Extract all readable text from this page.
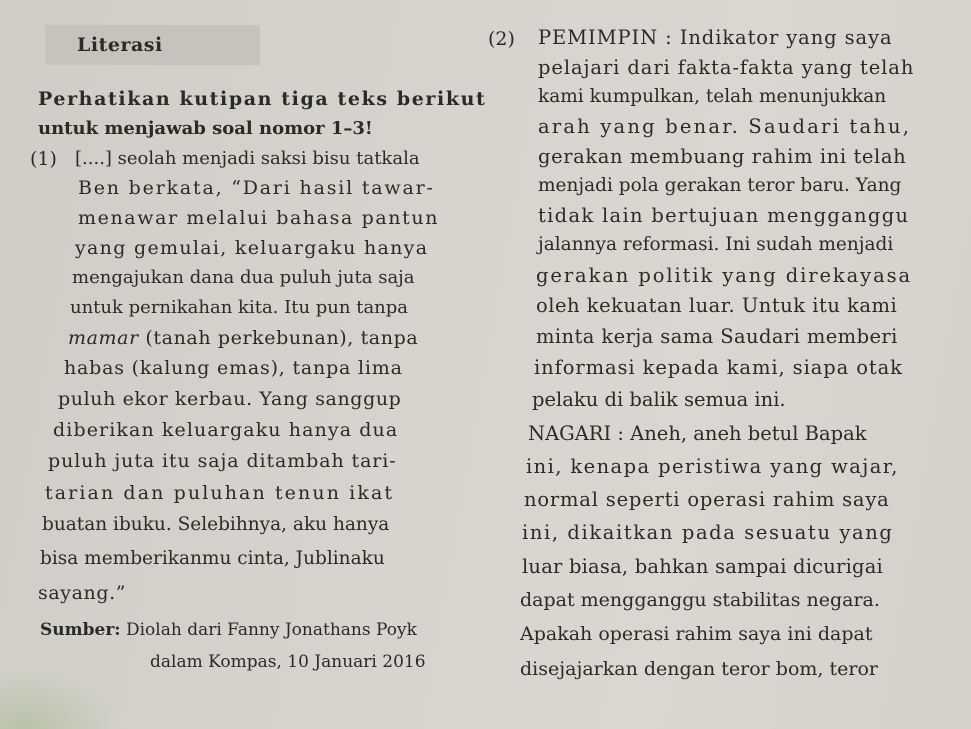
Literasi
Perhatikan kutipan tiga teks berikut
untuk menjawab soal nomor 1–3!
(1) [....] seolah menjadi saksi bisu tatkala
Ben berkata, “Dari hasil tawar-
menawar melalui bahasa pantun
yang gemulai, keluargaku hanya
mengajukan dana dua puluh juta saja
untuk pernikahan kita. Itu pun tanpa
mamar (tanah perkebunan), tanpa
habas (kalung emas), tanpa lima
puluh ekor kerbau. Yang sanggup
diberikan keluargaku hanya dua
puluh juta itu saja ditambah tari-
tarian dan puluhan tenun ikat
buatan ibuku. Selebihnya, aku hanya
bisa memberikanmu cinta, Jublinaku
sayang.”
Sumber: Diolah dari Fanny Jonathans Poyk
dalam Kompas, 10 Januari 2016
(2) PEMIMPIN : Indikator yang saya
pelajari dari fakta-fakta yang telah
kami kumpulkan, telah menunjukkan
arah yang benar. Saudari tahu,
gerakan membuang rahim ini telah
menjadi pola gerakan teror baru. Yang
tidak lain bertujuan mengganggu
jalannya reformasi. Ini sudah menjadi
gerakan politik yang direkayasa
oleh kekuatan luar. Untuk itu kami
minta kerja sama Saudari memberi
informasi kepada kami, siapa otak
pelaku di balik semua ini.
NAGARI : Aneh, aneh betul Bapak
ini, kenapa peristiwa yang wajar,
normal seperti operasi rahim saya
ini, dikaitkan pada sesuatu yang
luar biasa, bahkan sampai dicurigai
dapat mengganggu stabilitas negara.
Apakah operasi rahim saya ini dapat
disejajarkan dengan teror bom, teror
